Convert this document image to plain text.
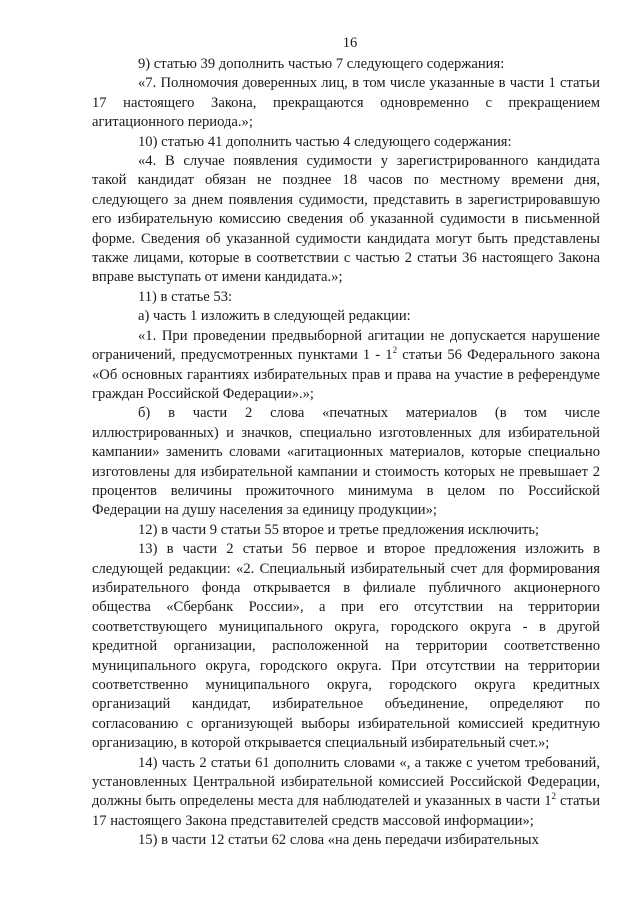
16

9) статью 39 дополнить частью 7 следующего содержания:

«7. Полномочия доверенных лиц, в том числе указанные в части 1 статьи 17 настоящего Закона, прекращаются одновременно с прекращением агитационного периода.»;

10) статью 41 дополнить частью 4 следующего содержания:

«4. В случае появления судимости у зарегистрированного кандидата такой кандидат обязан не позднее 18 часов по местному времени дня, следующего за днем появления судимости, представить в зарегистрировавшую его избирательную комиссию сведения об указанной судимости в письменной форме. Сведения об указанной судимости кандидата могут быть представлены также лицами, которые в соответствии с частью 2 статьи 36 настоящего Закона вправе выступать от имени кандидата.»;

11) в статье 53:

а) часть 1 изложить в следующей редакции:

«1. При проведении предвыборной агитации не допускается нарушение ограничений, предусмотренных пунктами $1 - 1^2$ статьи 56 Федерального закона «Об основных гарантиях избирательных прав и права на участие в референдуме граждан Российской Федерации».»;

б) в части 2 слова «печатных материалов (в том числе иллюстрированных) и значков, специально изготовленных для избирательной кампании» заменить словами «агитационных материалов, которые специально изготовлены для избирательной кампании и стоимость которых не превышает 2 процентов величины прожиточного минимума в целом по Российской Федерации на душу населения за единицу продукции»;

12) в части 9 статьи 55 второе и третье предложения исключить;

13) в части 2 статьи 56 первое и второе предложения изложить в следующей редакции: «2. Специальный избирательный счет для формирования избирательного фонда открывается в филиале публичного акционерного общества «Сбербанк России», а при его отсутствии на территории соответствующего муниципального округа, городского округа - в другой кредитной организации, расположенной на территории соответственно муниципального округа, городского округа. При отсутствии на территории соответственно муниципального округа, городского округа кредитных организаций кандидат, избирательное объединение, определяют по согласованию с организующей выборы избирательной комиссией кредитную организацию, в которой открывается специальный избирательный счет.»;

14) часть 2 статьи 61 дополнить словами «, а также с учетом требований, установленных Центральной избирательной комиссией Российской Федерации, должны быть определены места для наблюдателей и указанных в части $1^2$ статьи 17 настоящего Закона представителей средств массовой информации»;

15) в части 12 статьи 62 слова «на день передачи избирательных
